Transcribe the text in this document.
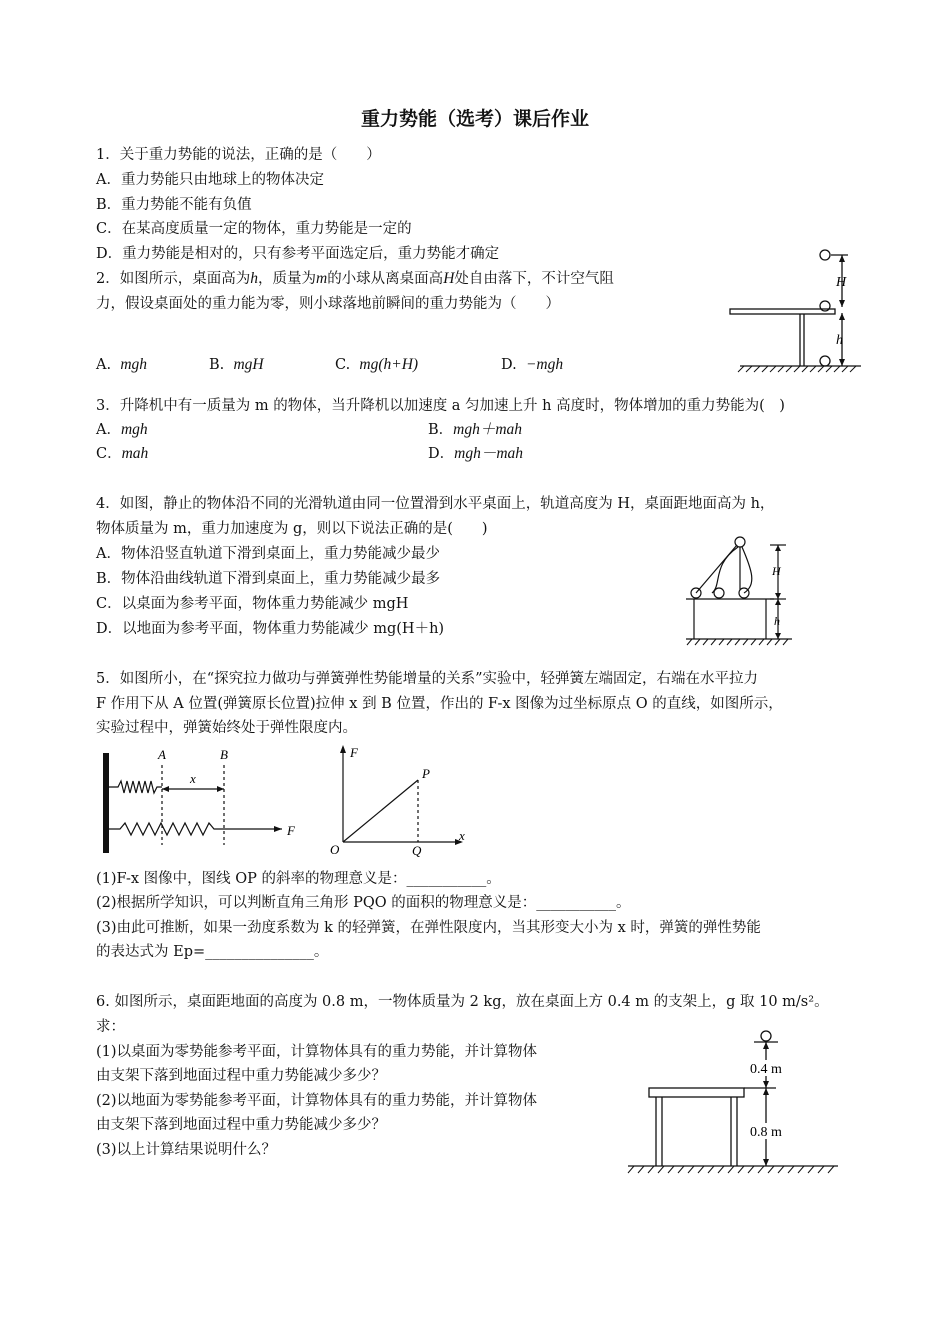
重力势能（选考）课后作业
1．关于重力势能的说法，正确的是（　　）
A．重力势能只由地球上的物体决定
B．重力势能不能有负值
C．在某高度质量一定的物体，重力势能是一定的
D．重力势能是相对的，只有参考平面选定后，重力势能才确定
2．如图所示，桌面高为h，质量为m的小球从离桌面高H处自由落下，不计空气阻
力，假设桌面处的重力能为零，则小球落地前瞬间的重力势能为（　　）
A. mgh	B. mgH	C. mg(h+H)	D. −mgh
H
h
3．升降机中有一质量为 m 的物体，当升降机以加速度 a 匀加速上升 h 高度时，物体增加的重力势能为(　)
A．mgh	B．mgh＋mah
C．mah	D．mgh－mah
4．如图，静止的物体沿不同的光滑轨道由同一位置滑到水平桌面上，轨道高度为 H，桌面距地面高为 h，
物体质量为 m，重力加速度为 g，则以下说法正确的是(　　)
A．物体沿竖直轨道下滑到桌面上，重力势能减少最少
B．物体沿曲线轨道下滑到桌面上，重力势能减少最多
C．以桌面为参考平面，物体重力势能减少 mgH
D．以地面为参考平面，物体重力势能减少 mg(H＋h)
H
h
5．如图所小，在“探究拉力做功与弹簧弹性势能增量的关系”实验中，轻弹簧左端固定，右端在水平拉力
F 作用下从 A 位置(弹簧原长位置)拉伸 x 到 B 位置，作出的 F-x 图像为过坐标原点 O 的直线，如图所示，
实验过程中，弹簧始终处于弹性限度内。
A	B
x
F
F
x
O
P
Q
(1)F-x 图像中，图线 OP 的斜率的物理意义是：___________。
(2)根据所学知识，可以判断直角三角形 PQO 的面积的物理意义是：___________。
(3)由此可推断，如果一劲度系数为 k 的轻弹簧，在弹性限度内，当其形变大小为 x 时，弹簧的弹性势能
的表达式为 Ep=_______________。
6. 如图所示，桌面距地面的高度为 0.8 m，一物体质量为 2 kg，放在桌面上方 0.4 m 的支架上，g 取 10 m/s²。
求：
(1)以桌面为零势能参考平面，计算物体具有的重力势能，并计算物体
由支架下落到地面过程中重力势能减少多少？
(2)以地面为零势能参考平面，计算物体具有的重力势能，并计算物体
由支架下落到地面过程中重力势能减少多少？
(3)以上计算结果说明什么？
0.4 m
0.8 m
